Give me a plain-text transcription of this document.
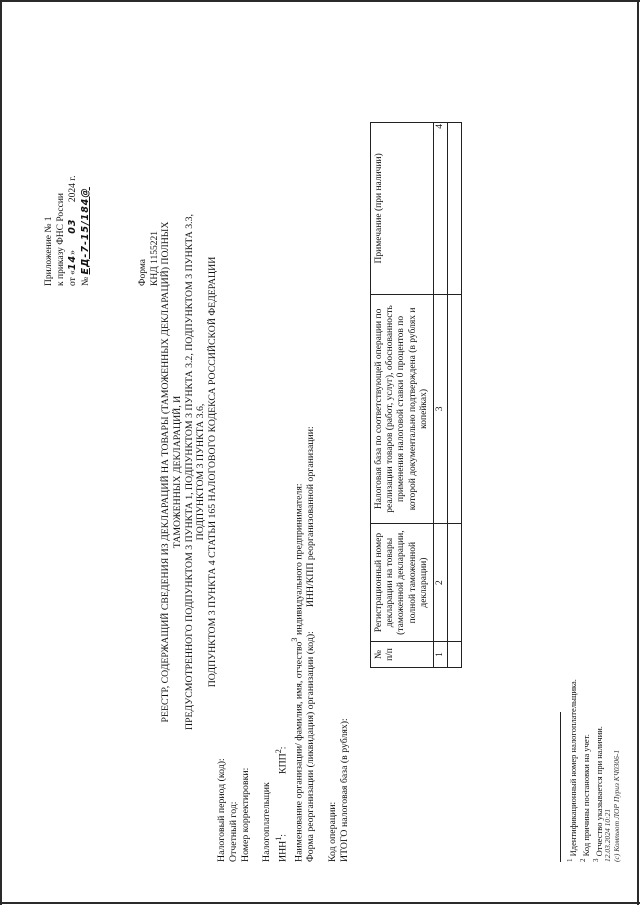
Приложение № 1 к приказу ФНС России от «14» 03 2024 г.
№ ЕД-7-15/184@	Форма КНД 1155221 РЕЕСТР, СОДЕРЖАЩИЙ СВЕДЕНИЯ ИЗ ДЕКЛАРАЦИЙ НА ТОВАРЫ (ТАМОЖЕННЫХ ДЕКЛАРАЦИЙ) ПОЛНЫХ ТАМОЖЕННЫХ ДЕКЛАРАЦИЙ, И ПРЕДУСМОТРЕННОГО ПОДПУНКТОМ 3 ПУНКТА 1, ПОДПУНКТОМ 3 ПУНКТА 3.2, ПОДПУНКТОМ 3 ПУНКТА 3.3, ПОДПУНКТОМ 3 ПУНКТА 3.6, ПОДПУНКТОМ 3 ПУНКТА 4 СТАТЬИ 165 НАЛОГОВОГО КОДЕКСА РОССИЙСКОЙ ФЕДЕРАЦИИ
Налоговый период (код): Отчетный год: Номер корректировки: Налогоплательщик ИНН$^1$:
КПП$^2$: Наименование организации/ фамилия, имя, отчество$^3$ индивидуального предпринимателя:
Форма реорганизации (ликвидация) организации (код):
ИНН/КПП реорганизованной организации:
Код операции: ИТОГО налоговая база (в рублях):
№ п/п	Регистрационный номер декларации на товары (таможенной декларации, полной таможенной декларации)	Налоговая база по соответствующей операции по реализации товаров (работ, услуг), обоснованность применения налоговой ставки 0 процентов по которой документально подтверждена (в рублях и копейках)	Примечание (при наличии)
1	2	3	4

$^1$ Идентификационный номер налогоплательщика.
$^2$ Код причины постановки на учет.
$^3$ Отчество указывается при наличии. 12.03.2024 10:21 (c) Компьют ЛОР Пуриз КЧ0306-1
